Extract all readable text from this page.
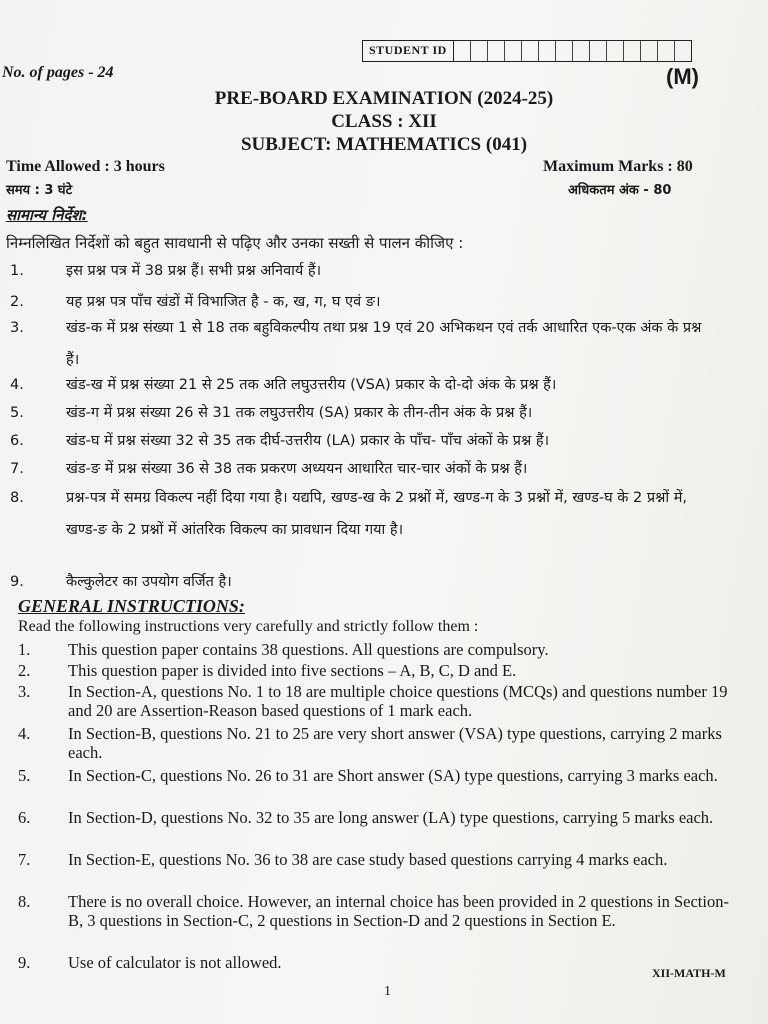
STUDENT ID
No. of pages - 24	(M)
PRE-BOARD EXAMINATION (2024-25)
CLASS : XII
SUBJECT: MATHEMATICS (041)
Time Allowed : 3 hours	Maximum Marks : 80
समय : 3 घंटे	अधिकतम अंक - 80
सामान्य निर्देश:
निम्नलिखित निर्देशों को बहुत सावधानी से पढ़िए और उनका सख्ती से पालन कीजिए :
1.	इस प्रश्न पत्र में 38 प्रश्न हैं। सभी प्रश्न अनिवार्य हैं।
2.	यह प्रश्न पत्र पाँच खंडों में विभाजित है - क, ख, ग, घ एवं ङ।
3.	खंड-क में प्रश्न संख्या 1 से 18 तक बहुविकल्पीय तथा प्रश्न 19 एवं 20 अभिकथन एवं तर्क आधारित एक-एक अंक के प्रश्न हैं।
4.	खंड-ख में प्रश्न संख्या 21 से 25 तक अति लघुउत्तरीय (VSA) प्रकार के दो-दो अंक के प्रश्न हैं।
5.	खंड-ग में प्रश्न संख्या 26 से 31 तक लघुउत्तरीय (SA) प्रकार के तीन-तीन अंक के प्रश्न हैं।
6.	खंड-घ में प्रश्न संख्या 32 से 35 तक दीर्घ-उत्तरीय (LA) प्रकार के पाँच- पाँच अंकों के प्रश्न हैं।
7.	खंड-ङ में प्रश्न संख्या 36 से 38 तक प्रकरण अध्ययन आधारित चार-चार अंकों के प्रश्न हैं।
8.	प्रश्न-पत्र में समग्र विकल्प नहीं दिया गया है। यद्यपि, खण्ड-ख के 2 प्रश्नों में, खण्ड-ग के 3 प्रश्नों में, खण्ड-घ के 2 प्रश्नों में, खण्ड-ङ के 2 प्रश्नों में आंतरिक विकल्प का प्रावधान दिया गया है।
9.	कैल्कुलेटर का उपयोग वर्जित है।
GENERAL INSTRUCTIONS:
Read the following instructions very carefully and strictly follow them :
1. This question paper contains 38 questions. All questions are compulsory.
2. This question paper is divided into five sections – A, B, C, D and E.
3. In Section-A, questions No. 1 to 18 are multiple choice questions (MCQs) and questions number 19 and 20 are Assertion-Reason based questions of 1 mark each.
4. In Section-B, questions No. 21 to 25 are very short answer (VSA) type questions, carrying 2 marks each.
5. In Section-C, questions No. 26 to 31 are Short answer (SA) type questions, carrying 3 marks each.
6. In Section-D, questions No. 32 to 35 are long answer (LA) type questions, carrying 5 marks each.
7. In Section-E, questions No. 36 to 38 are case study based questions carrying 4 marks each.
8. There is no overall choice. However, an internal choice has been provided in 2 questions in Section-B, 3 questions in Section-C, 2 questions in Section-D and 2 questions in Section E.
9. Use of calculator is not allowed.
XII-MATH-M
1
